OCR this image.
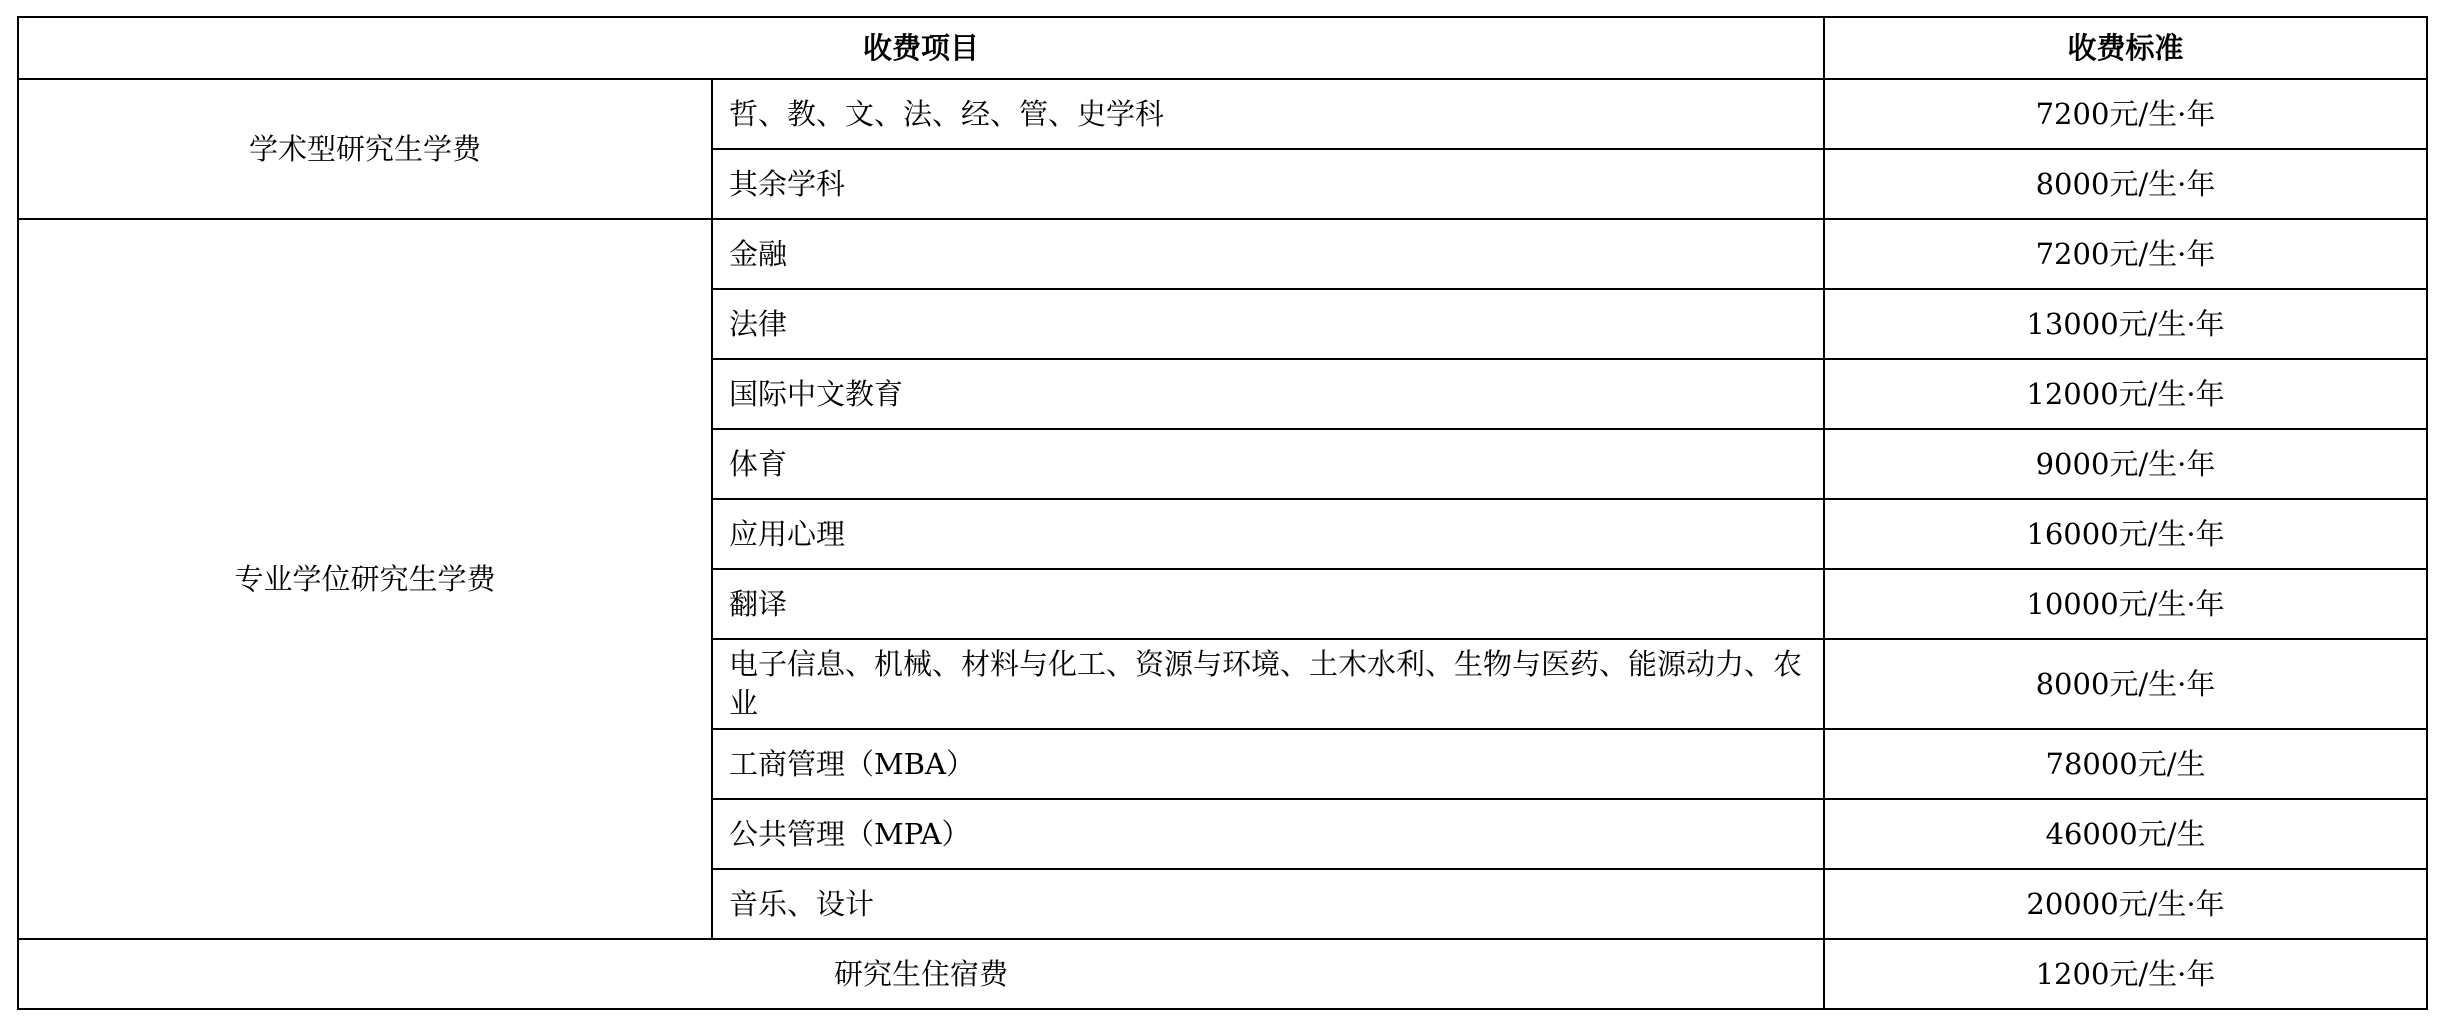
收费项目		收费标准
学术型研究生学费	哲、教、文、法、经、管、史学科	7200元/生·年
	其余学科	8000元/生·年
专业学位研究生学费	金融	7200元/生·年
	法律	13000元/生·年
	国际中文教育	12000元/生·年
	体育	9000元/生·年
	应用心理	16000元/生·年
	翻译	10000元/生·年
	电子信息、机械、材料与化工、资源与环境、土木水利、生物与医药、能源动力、农业	8000元/生·年
	工商管理（MBA）	78000元/生
	公共管理（MPA）	46000元/生
	音乐、设计	20000元/生·年
研究生住宿费		1200元/生·年
